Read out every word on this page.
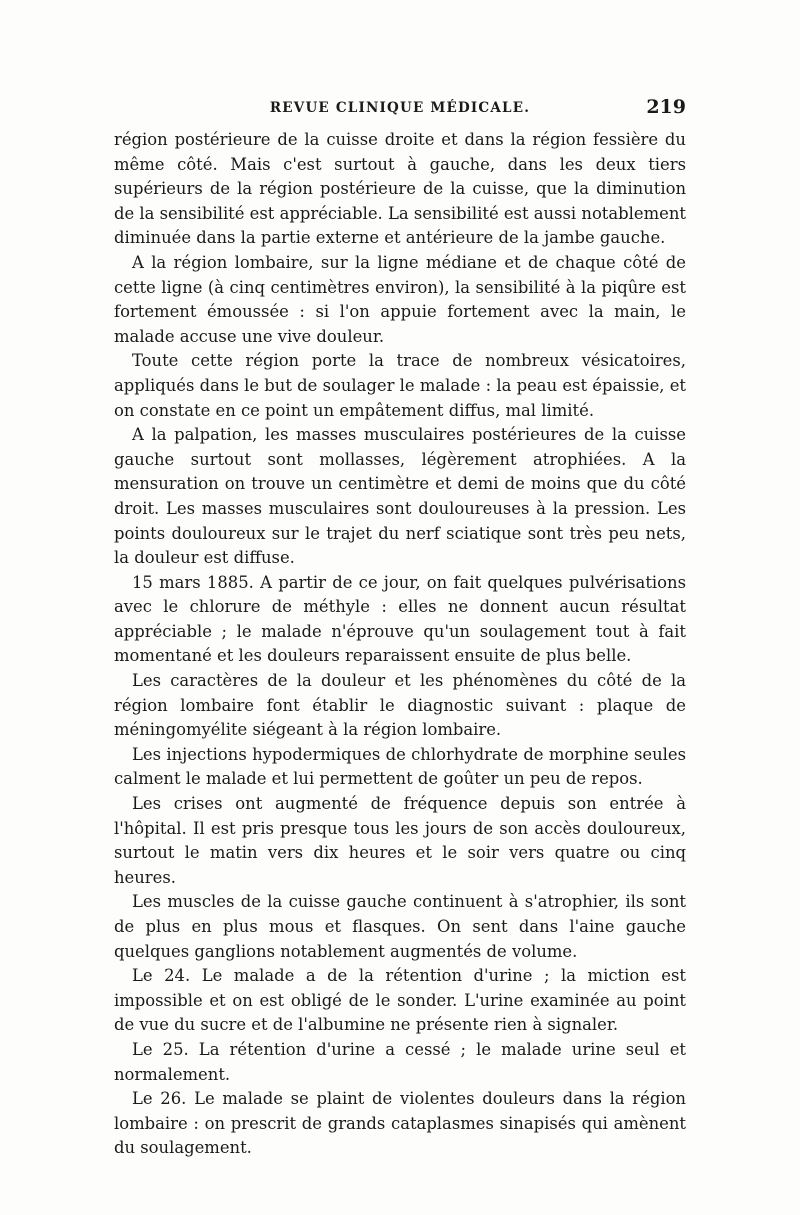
REVUE CLINIQUE MÉDICALE.	219

région postérieure de la cuisse droite et dans la région fessière du même côté. Mais c'est surtout à gauche, dans les deux tiers supérieurs de la région postérieure de la cuisse, que la diminution de la sensibilité est appréciable. La sensibilité est aussi notablement diminuée dans la partie externe et antérieure de la jambe gauche.

A la région lombaire, sur la ligne médiane et de chaque côté de cette ligne (à cinq centimètres environ), la sensibilité à la piqûre est fortement émoussée : si l'on appuie fortement avec la main, le malade accuse une vive douleur.

Toute cette région porte la trace de nombreux vésicatoires, appliqués dans le but de soulager le malade : la peau est épaissie, et on constate en ce point un empâtement diffus, mal limité.

A la palpation, les masses musculaires postérieures de la cuisse gauche surtout sont mollasses, légèrement atrophiées. A la mensuration on trouve un centimètre et demi de moins que du côté droit. Les masses musculaires sont douloureuses à la pression. Les points douloureux sur le trajet du nerf sciatique sont très peu nets, la douleur est diffuse.

15 mars 1885. A partir de ce jour, on fait quelques pulvérisations avec le chlorure de méthyle : elles ne donnent aucun résultat appréciable ; le malade n'éprouve qu'un soulagement tout à fait momentané et les douleurs reparaissent ensuite de plus belle.

Les caractères de la douleur et les phénomènes du côté de la région lombaire font établir le diagnostic suivant : plaque de méningomyélite siégeant à la région lombaire.

Les injections hypodermiques de chlorhydrate de morphine seules calment le malade et lui permettent de goûter un peu de repos.

Les crises ont augmenté de fréquence depuis son entrée à l'hôpital. Il est pris presque tous les jours de son accès douloureux, surtout le matin vers dix heures et le soir vers quatre ou cinq heures.

Les muscles de la cuisse gauche continuent à s'atrophier, ils sont de plus en plus mous et flasques. On sent dans l'aine gauche quelques ganglions notablement augmentés de volume.

Le 24. Le malade a de la rétention d'urine ; la miction est impossible et on est obligé de le sonder. L'urine examinée au point de vue du sucre et de l'albumine ne présente rien à signaler.

Le 25. La rétention d'urine a cessé ; le malade urine seul et normalement.

Le 26. Le malade se plaint de violentes douleurs dans la région lombaire : on prescrit de grands cataplasmes sinapisés qui amènent du soulagement.
